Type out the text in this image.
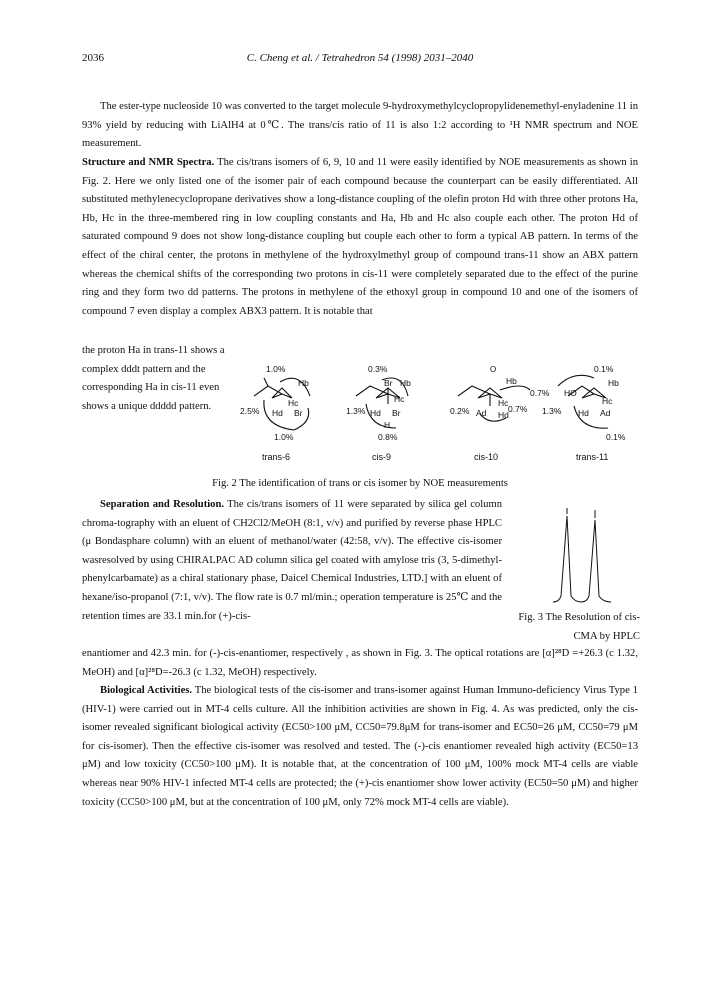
2036	C. Cheng et al. / Tetrahedron 54 (1998) 2031–2040

The ester-type nucleoside 10 was converted to the target molecule 9-hydroxymethylcyclopropylidenemethyl-enyladenine 11 in 93% yield by reducing with LiAlH4 at 0℃. The trans/cis ratio of 11 is also 1:2 according to ¹H NMR spectrum and NOE measurement.

Structure and NMR Spectra. The cis/trans isomers of 6, 9, 10 and 11 were easily identified by NOE measurements as shown in Fig. 2. Here we only listed one of the isomer pair of each compound because the counterpart can be easily differentiated. All substituted methylenecyclopropane derivatives show a long-distance coupling of the olefin proton Hd with three other protons Ha, Hb, Hc in the three-membered ring in low coupling constants and Ha, Hb and Hc also couple each other. The proton Hd of saturated compound 9 does not show long-distance coupling but couple each other to form a typical AB pattern. In terms of the effect of the chiral center, the protons in methylene of the hydroxylmethyl group of compound trans-11 show an ABX pattern whereas the chemical shifts of the corresponding two protons in cis-11 were completely separated due to the effect of the purine ring and they form two dd patterns. The protons in methylene of the ethoxyl group in compound 10 and one of the isomers of compound 7 even display a complex ABX3 pattern. It is notable that

the proton Ha in trans-11 shows a complex dddt pattern and the corresponding Ha in cis-11 even shows a unique ddddd pattern.
1.0%
2.5%
1.0%
Hb
Hc
Hd Br
0.3%
1.3%
0.8%
Br Hb
Hc
Hd Br
H
O
Hb
0.7%
0.2%
Hc
Ad Hd
0.7%
0.1%
HO
Hb
Hc
1.3% Hd Ad
0.1%
trans-6	cis-9	cis-10	trans-11
Fig. 2 The identification of trans or cis isomer by NOE measurements

Separation and Resolution. The cis/trans isomers of 11 were separated by silica gel column chroma-tography with an eluent of CH2Cl2/MeOH (8:1, v/v) and purified by reverse phase HPLC (μ Bondasphare column) with an eluent of methanol/water (42:58, v/v). The effective cis-isomer wasresolved by using CHIRALPAC AD column silica gel coated with amylose tris (3, 5-dimethyl-phenylcarbamate) as a chiral stationary phase, Daicel Chemical Industries, LTD.] with an eluent of hexane/iso-propanol (7:1, v/v). The flow rate is 0.7 ml/min.; operation temperature is 25℃ and the retention times are 33.1 min.for (+)-cis-	Fig. 3 The Resolution of cis-CMA by HPLC

enantiomer and 42.3 min. for (-)-cis-enantiomer, respectively , as shown in Fig. 3. The optical rotations are [α]²⁸D =+26.3 (c 1.32, MeOH) and [α]²⁸D=-26.3 (c 1.32, MeOH) respectively.

Biological Activities. The biological tests of the cis-isomer and trans-isomer against Human Immuno-deficiency Virus Type 1 (HIV-1) were carried out in MT-4 cells culture. All the inhibition activities are shown in Fig. 4. As was predicted, only the cis-isomer revealed significant biological activity (EC50>100 μM, CC50=79.8μM for trans-isomer and EC50=26 μM, CC50=79 μM for cis-isomer). Then the effective cis-isomer was resolved and tested. The (-)-cis enantiomer revealed high activity (EC50=13 μM) and low toxicity (CC50>100 μM). It is notable that, at the concentration of 100 μM, 100% mock MT-4 cells are viable whereas near 90% HIV-1 infected MT-4 cells are protected; the (+)-cis enantiomer show lower activity (EC50=50 μM) and higher toxicity (CC50>100 μM, but at the concentration of 100 μM, only 72% mock MT-4 cells are viable).
